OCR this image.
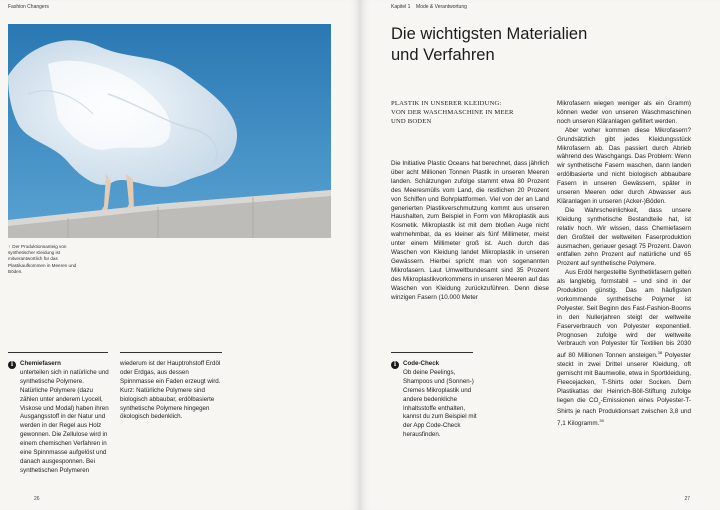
Fashion Changers
↑ Der Produktionsanteig von synthetischer Kleidung ist mitverantwortlich für das Plastikaufkommen in Meeren und Böden.
i	Chemiefasern
unterteilen sich in natürliche und synthetische Polymere. Natürliche Polymere (dazu zählen unter anderem Lyocell, Viskose und Modal) haben ihren Ausgangsstoff in der Natur und werden in der Regel aus Holz gewonnen. Die Zellulose wird in einem chemischen Verfahren in eine Spinnmasse aufgelöst und danach ausgesponnen. Bei synthetischen Polymeren
wiederum ist der Hauptrohstoff Erdöl oder Erdgas, aus dessen Spinnmasse ein Faden erzeugt wird. Kurz: Natürliche Polymere sind biologisch abbaubar, erdölbasierte synthetische Polymere hingegen ökologisch bedenklich.
26
Kapitel 1 Mode & Verantwortung
27
Die wichtigsten Materialien
und Verfahren
PLASTIK IN UNSERER KLEIDUNG:
VON DER WASCHMASCHINE IN MEER
UND BODEN

Die Initiative Plastic Oceans hat berechnet, dass jährlich über acht Millionen Tonnen Plastik in unseren Meeren landen. Schätzungen zufolge stammt etwa 80 Prozent des Meeresmülls vom Land, die restlichen 20 Prozent von Schiffen und Bohrplattformen. Viel von der an Land generierten Plastikverschmutzung kommt aus unseren Haushalten, zum Beispiel in Form von Mikroplastik aus Kosmetik. Mikroplastik ist mit dem bloßen Auge nicht wahrnehmbar, da es kleiner als fünf Millimeter, meist unter einem Millimeter groß ist. Auch durch das Waschen von Kleidung landet Mikroplastik in unseren Gewässern. Hierbei spricht man von sogenannten Mikrofasern. Laut Umweltbundesamt sind 35 Prozent des Mikroplastikvorkommens in unseren Meeren auf das Waschen von Kleidung zurückzuführen. Denn diese winzigen Fasern (10.000 Meter

i	Code-Check
Ob deine Peelings, Shampoos und (Sonnen-) Cremes Mikroplastik und andere bedenkliche Inhaltsstoffe enthalten, kannst du zum Beispiel mit der App Code-Check herausfinden.

Mikrofasern wiegen weniger als ein Gramm) können weder von unseren Waschmaschinen noch unseren Kläranlagen gefiltert werden.

Aber woher kommen diese Mikrofasern? Grundsätzlich gibt jedes Kleidungsstück Mikrofasern ab. Das passiert durch Abrieb während des Waschgangs. Das Problem: Wenn wir synthetische Fasern waschen, dann landen erdölbasierte und nicht biologisch abbaubare Fasern in unseren Gewässern, später in unseren Meeren oder durch Abwasser aus Kläranlagen in unseren (Acker-)Böden.

Die Wahrscheinlichkeit, dass unsere Kleidung synthetische Bestandteile hat, ist relativ hoch. Wir wissen, dass Chemiefasern den Großteil der weltweiten Faserproduktion ausmachen, genauer gesagt 75 Prozent. Davon entfallen zehn Prozent auf natürliche und 65 Prozent auf synthetische Polymere.

Aus Erdöl hergestellte Synthetikfasern gelten als langlebig, formstabil – und sind in der Produktion günstig. Das am häufigsten vorkommende synthetische Polymer ist Polyester. Seit Beginn des Fast-Fashion-Booms in den Nullerjahren steigt der weltweite Faserverbrauch von Polyester exponentiell. Prognosen zufolge wird der weltweite Verbrauch von Polyester für Textilien bis 2030 auf 80 Millionen Tonnen ansteigen.$^{38}$ Polyester steckt in zwei Drittel unserer Kleidung, oft gemischt mit Baumwolle, etwa in Sportkleidung, Fleecejacken, T-Shirts oder Socken. Dem Plastikatlas der Heinrich-Böll-Stiftung zufolge liegen die $CO_2$-Emissionen eines Polyester-T-Shirts je nach Produktionsart zwischen 3,8 und 7,1 Kilogramm.$^{39}$
